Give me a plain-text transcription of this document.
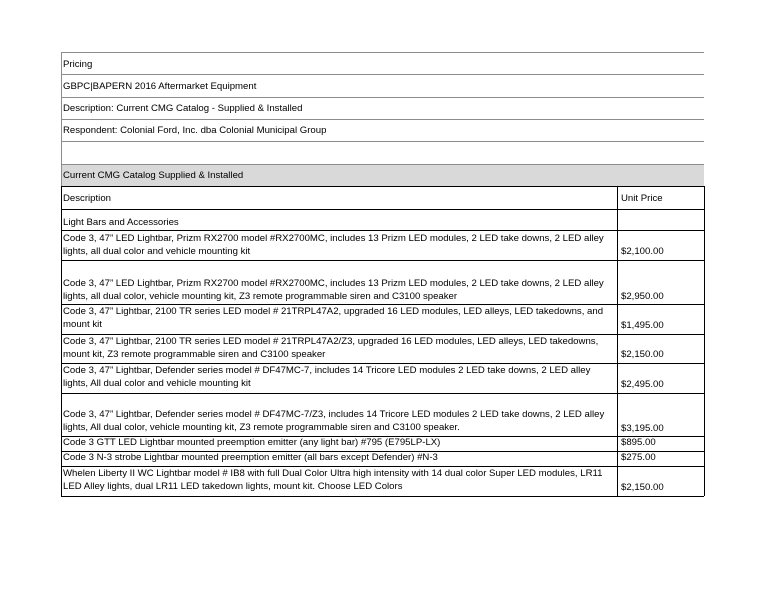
Pricing
GBPC|BAPERN 2016 Aftermarket Equipment
Description: Current CMG Catalog - Supplied & Installed
Respondent: Colonial Ford, Inc. dba Colonial Municipal Group
Current CMG Catalog Supplied & Installed
Description	Unit Price
Light Bars and Accessories
Code 3, 47” LED Lightbar, Prizm RX2700 model #RX2700MC, includes 13 Prizm LED modules, 2 LED take downs, 2 LED alley lights, all dual color and vehicle mounting kit	$2,100.00
Code 3, 47” LED Lightbar, Prizm RX2700 model #RX2700MC, includes 13 Prizm LED modules, 2 LED take downs, 2 LED alley lights, all dual color, vehicle mounting kit, Z3 remote programmable siren and C3100 speaker	$2,950.00
Code 3, 47” Lightbar, 2100 TR series LED model # 21TRPL47A2, upgraded 16 LED modules, LED alleys, LED takedowns, and mount kit	$1,495.00
Code 3, 47” Lightbar, 2100 TR series LED model # 21TRPL47A2/Z3, upgraded 16 LED modules, LED alleys, LED takedowns, mount kit, Z3 remote programmable siren and C3100 speaker	$2,150.00
Code 3, 47” Lightbar, Defender series model # DF47MC-7, includes 14 Tricore LED modules 2 LED take downs, 2 LED alley lights, All dual color and vehicle mounting kit	$2,495.00
Code 3, 47” Lightbar, Defender series model # DF47MC-7/Z3, includes 14 Tricore LED modules 2 LED take downs, 2 LED alley lights, All dual color, vehicle mounting kit, Z3 remote programmable siren and C3100 speaker.	$3,195.00
Code 3 GTT LED Lightbar mounted preemption emitter (any light bar) #795 (E795LP-LX)	$895.00
Code 3 N-3 strobe Lightbar mounted preemption emitter (all bars except Defender) #N-3	$275.00
Whelen Liberty II WC Lightbar model # IB8 with full Dual Color Ultra high intensity with 14 dual color Super LED modules, LR11 LED Alley lights, dual LR11 LED takedown lights, mount kit. Choose LED Colors	$2,150.00
